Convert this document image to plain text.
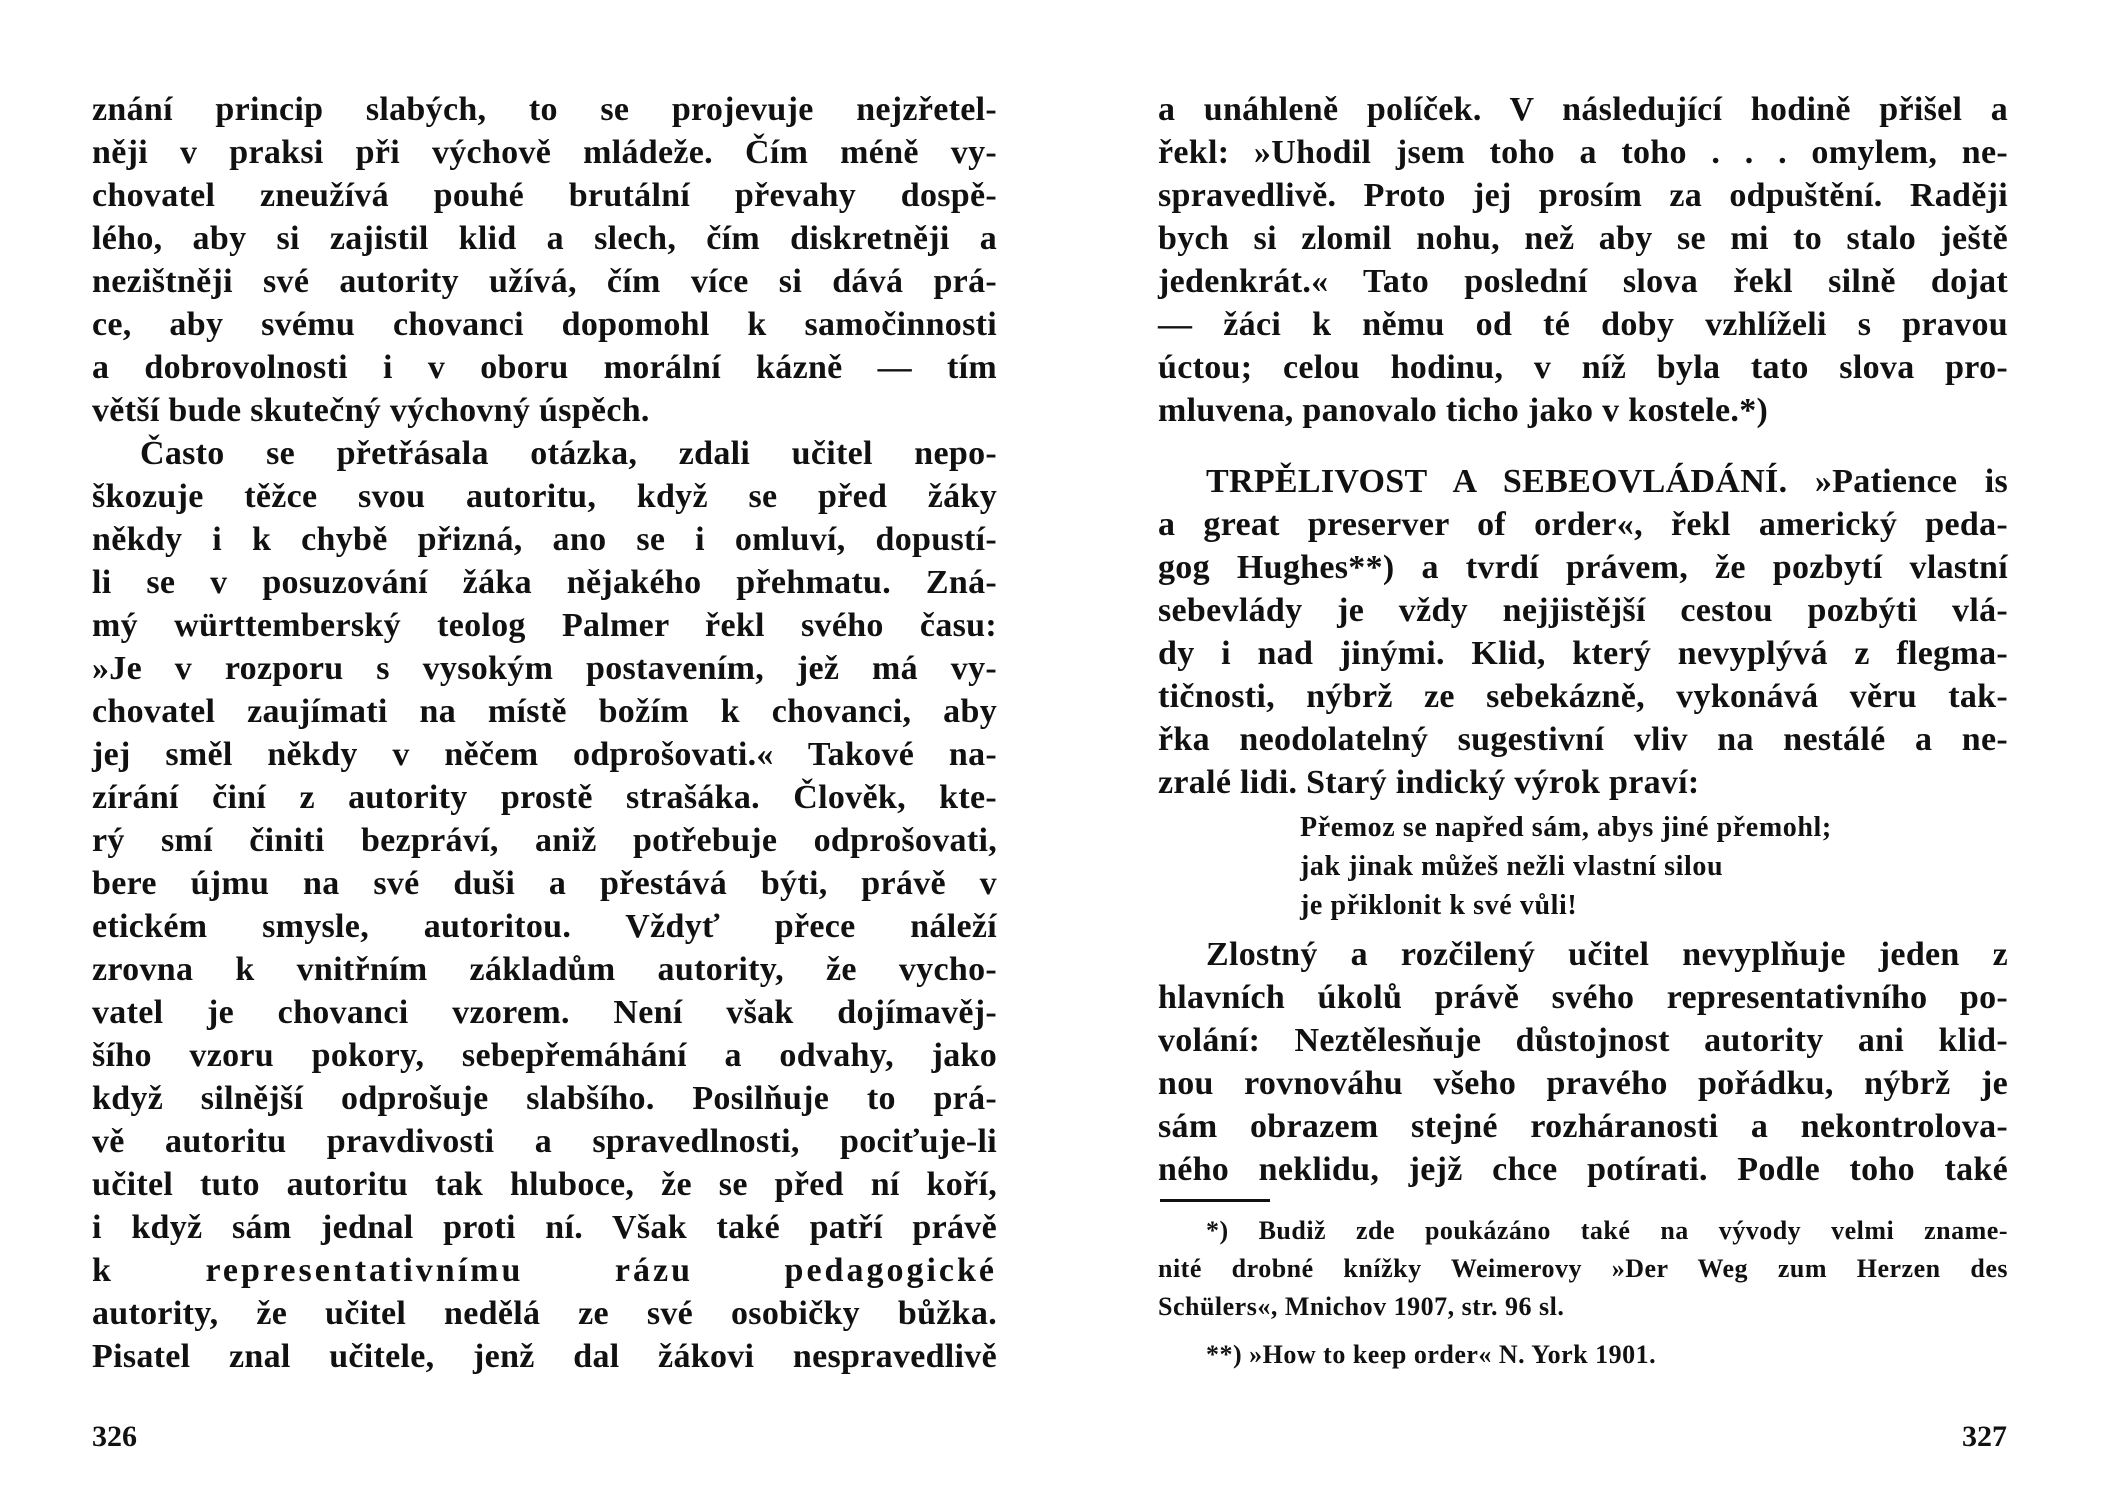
znání princip slabých, to se projevuje nejzřetel-
něji v praksi při výchově mládeže. Čím méně vy-
chovatel zneužívá pouhé brutální převahy dospě-
lého, aby si zajistil klid a slech, čím diskretněji a
nezištněji své autority užívá, čím více si dává prá-
ce, aby svému chovanci dopomohl k samočinnosti
a dobrovolnosti i v oboru morální kázně — tím
větší bude skutečný výchovný úspěch.
Často se přetřásala otázka, zdali učitel nepo-
škozuje těžce svou autoritu, když se před žáky
někdy i k chybě přizná, ano se i omluví, dopustí-
li se v posuzování žáka nějakého přehmatu. Zná-
mý württemberský teolog Palmer řekl svého času:
»Je v rozporu s vysokým postavením, jež má vy-
chovatel zaujímati na místě božím k chovanci, aby
jej směl někdy v něčem odprošovati.« Takové na-
zírání činí z autority prostě strašáka. Člověk, kte-
rý smí činiti bezpráví, aniž potřebuje odprošovati,
bere újmu na své duši a přestává býti, právě v
etickém smysle, autoritou. Vždyť přece náleží
zrovna k vnitřním základům autority, že vycho-
vatel je chovanci vzorem. Není však dojímavěj-
šího vzoru pokory, sebepřemáhání a odvahy, jako
když silnější odprošuje slabšího. Posilňuje to prá-
vě autoritu pravdivosti a spravedlnosti, pociťuje-li
učitel tuto autoritu tak hluboce, že se před ní koří,
i když sám jednal proti ní. Však také patří právě
k representativnímu rázu pedagogické
autority, že učitel nedělá ze své osobičky bůžka.
Pisatel znal učitele, jenž dal žákovi nespravedlivě
326
a unáhleně políček. V následující hodině přišel a
řekl: »Uhodil jsem toho a toho . . . omylem, ne-
spravedlivě. Proto jej prosím za odpuštění. Raději
bych si zlomil nohu, než aby se mi to stalo ještě
jedenkrát.« Tato poslední slova řekl silně dojat
— žáci k němu od té doby vzhlíželi s pravou
úctou; celou hodinu, v níž byla tato slova pro-
mluvena, panovalo ticho jako v kostele.*)
TRPĚLIVOST A SEBEOVLÁDÁNÍ. »Patience is
a great preserver of order«, řekl americký peda-
gog Hughes**) a tvrdí právem, že pozbytí vlastní
sebevlády je vždy nejjistější cestou pozbýti vlá-
dy i nad jinými. Klid, který nevyplývá z flegma-
tičnosti, nýbrž ze sebekázně, vykonává věru tak-
řka neodolatelný sugestivní vliv na nestálé a ne-
zralé lidi. Starý indický výrok praví:
Přemoz se napřed sám, abys jiné přemohl;
jak jinak můžeš nežli vlastní silou
je přiklonit k své vůli!
Zlostný a rozčilený učitel nevyplňuje jeden z
hlavních úkolů právě svého representativního po-
volání: Neztělesňuje důstojnost autority ani klid-
nou rovnováhu všeho pravého pořádku, nýbrž je
sám obrazem stejné rozháranosti a nekontrolova-
ného neklidu, jejž chce potírati. Podle toho také
*) Budiž zde poukázáno také na vývody velmi zname-
nité drobné knížky Weimerovy »Der Weg zum Herzen des
Schülers«, Mnichov 1907, str. 96 sl.
**) »How to keep order« N. York 1901.
327
